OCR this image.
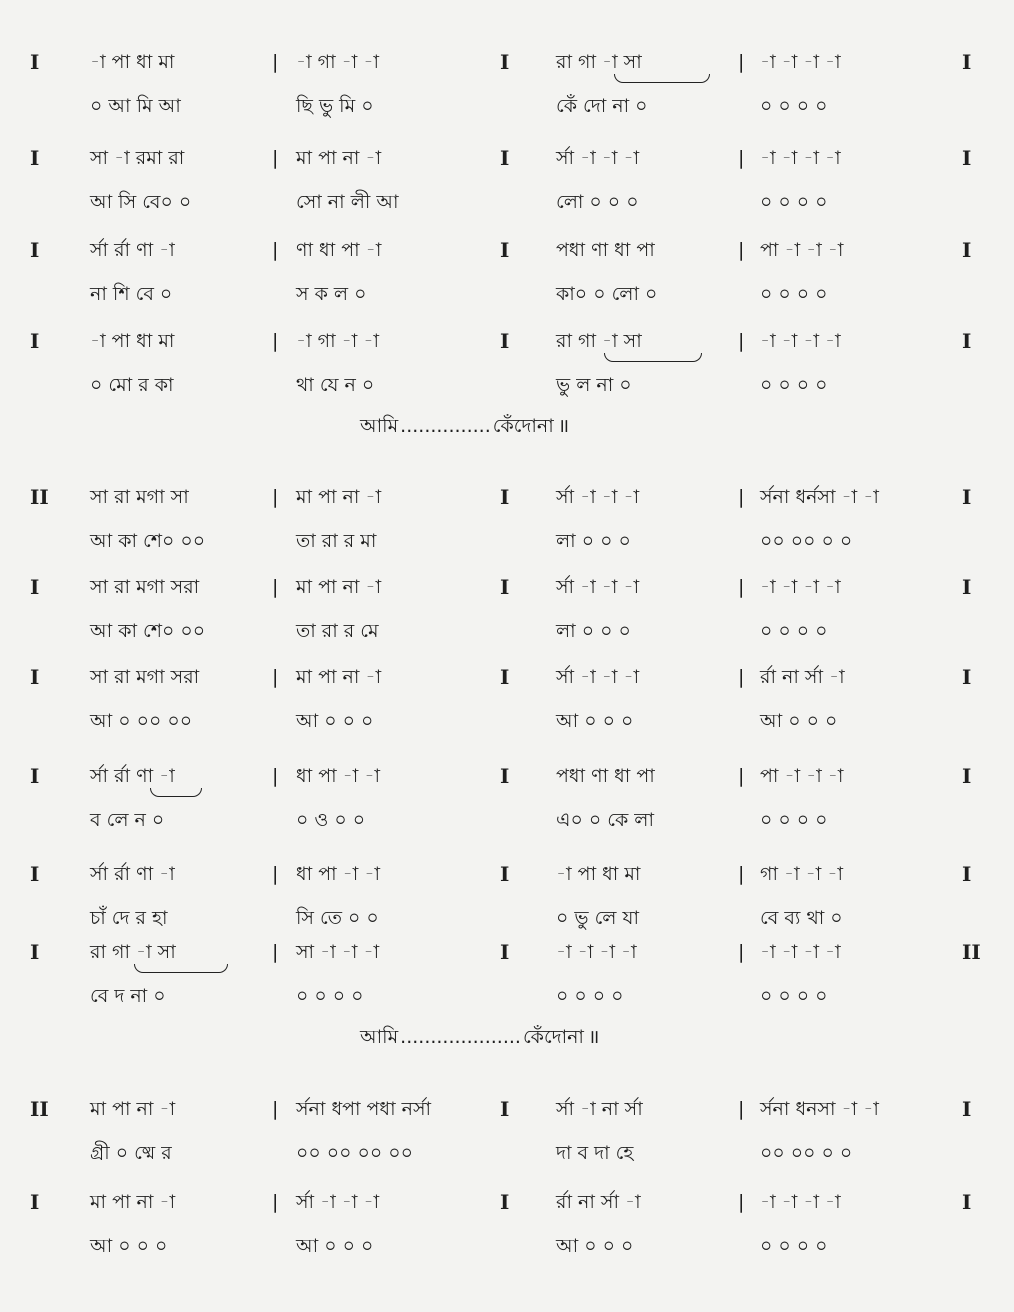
I	-া পা ধা মা	| -া গা -া -া	I রা গা -া সা	| -া -া -া -া	I
০ আ মি আ	ছি ভু মি ০	কেঁ দো না ০	০ ০ ০ ০
I	সা -া রমা রা	| মা পা না -া	I র্সা -া -া -া	| -া -া -া -া	I
আ সি বে০ ০	সো না লী আ	লো ০ ০ ০	০ ০ ০ ০
I	র্সা র্রা ণা -া	| ণা ধা পা -া	I পধা ণা ধা পা	| পা -া -া -া	I
না শি বে ০	স ক ল ০	কা০ ০ লো ০	০ ০ ০ ০
I	-া পা ধা মা	| -া গা -া -া	I রা গা -া সা	| -া -া -া -া	I
০ মো র কা	থা যে ন ০	ভু ল না ০	০ ০ ০ ০
আমি ............... কেঁদোনা ॥
II সা রা মগা সা	| মা পা না -া	I র্সা -া -া -া	| র্সনা ধর্নসা -া -া	I
আ কা শে০ ০০	তা রা র মা	লা ০ ০ ০	০০ ০০ ০ ০
I	সা রা মগা সরা	| মা পা না -া	I র্সা -া -া -া	| -া -া -া -া	I
আ কা শে০ ০০	তা রা র মে	লা ০ ০ ০	০ ০ ০ ০
I	সা রা মগা সরা	| মা পা না -া	I র্সা -া -া -া	| র্রা না র্সা -া	I
আ ০ ০০ ০০	আ ০ ০ ০	আ ০ ০ ০	আ ০ ০ ০
I	র্সা র্রা ণা -া	| ধা পা -া -া	I পধা ণা ধা পা	| পা -া -া -া	I
ব লে ন ০	০ ও ০ ০	এ০ ০ কে লা	০ ০ ০ ০
I	র্সা র্রা ণা -া	| ধা পা -া -া	I -া পা ধা মা	| গা -া -া -া	I
চাঁ দে র হা	সি তে ০ ০	০ ভু লে যা	বে ব্য থা ০
I	রা গা -া সা	| সা -া -া -া	I -া -া -া -া	| -া -া -া -া	II
বে দ না ০	০ ০ ০ ০	০ ০ ০ ০	০ ০ ০ ০
আমি .................... কেঁদোনা ॥
II মা পা না -া	| র্সনা ধপা পধা নর্সা	I র্সা -া না র্সা	| র্সনা ধনসা -া -া	I
গ্রী ০ ষ্মে র	০০ ০০ ০০ ০০	দা ব দা হে	০০ ০০ ০ ০
I	মা পা না -া	| র্সা -া -া -া	I র্রা না র্সা -া	| -া -া -া -া	I
আ ০ ০ ০	আ ০ ০ ০	আ ০ ০ ০	০ ০ ০ ০
